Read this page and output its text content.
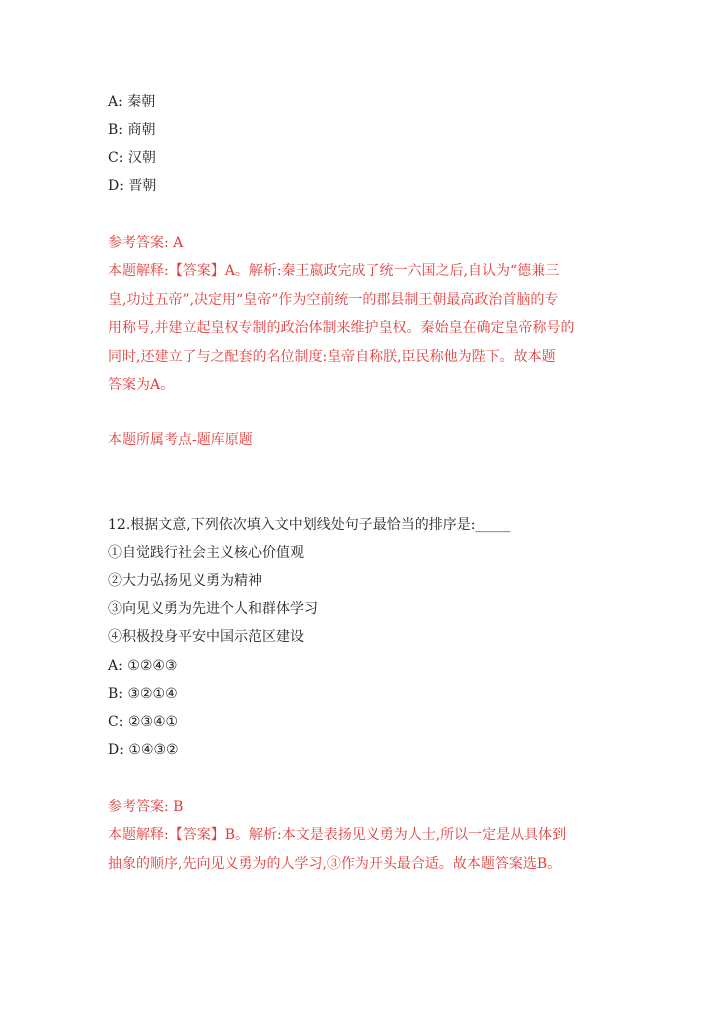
A: 秦朝
B: 商朝
C: 汉朝
D: 晋朝
参考答案: A
本题解释:【答案】A。解析:秦王嬴政完成了统一六国之后,自认为“德兼三
皇,功过五帝”,决定用“皇帝”作为空前统一的郡县制王朝最高政治首脑的专
用称号,并建立起皇权专制的政治体制来维护皇权。秦始皇在确定皇帝称号的
同时,还建立了与之配套的名位制度:皇帝自称朕,臣民称他为陛下。故本题
答案为A。
本题所属考点-题库原题
12.根据文意,下列依次填入文中划线处句子最恰当的排序是:_____
①自觉践行社会主义核心价值观
②大力弘扬见义勇为精神
③向见义勇为先进个人和群体学习
④积极投身平安中国示范区建设
A: ①②④③
B: ③②①④
C: ②③④①
D: ①④③②
参考答案: B
本题解释:【答案】B。解析:本文是表扬见义勇为人士,所以一定是从具体到
抽象的顺序,先向见义勇为的人学习,③作为开头最合适。故本题答案选B。
